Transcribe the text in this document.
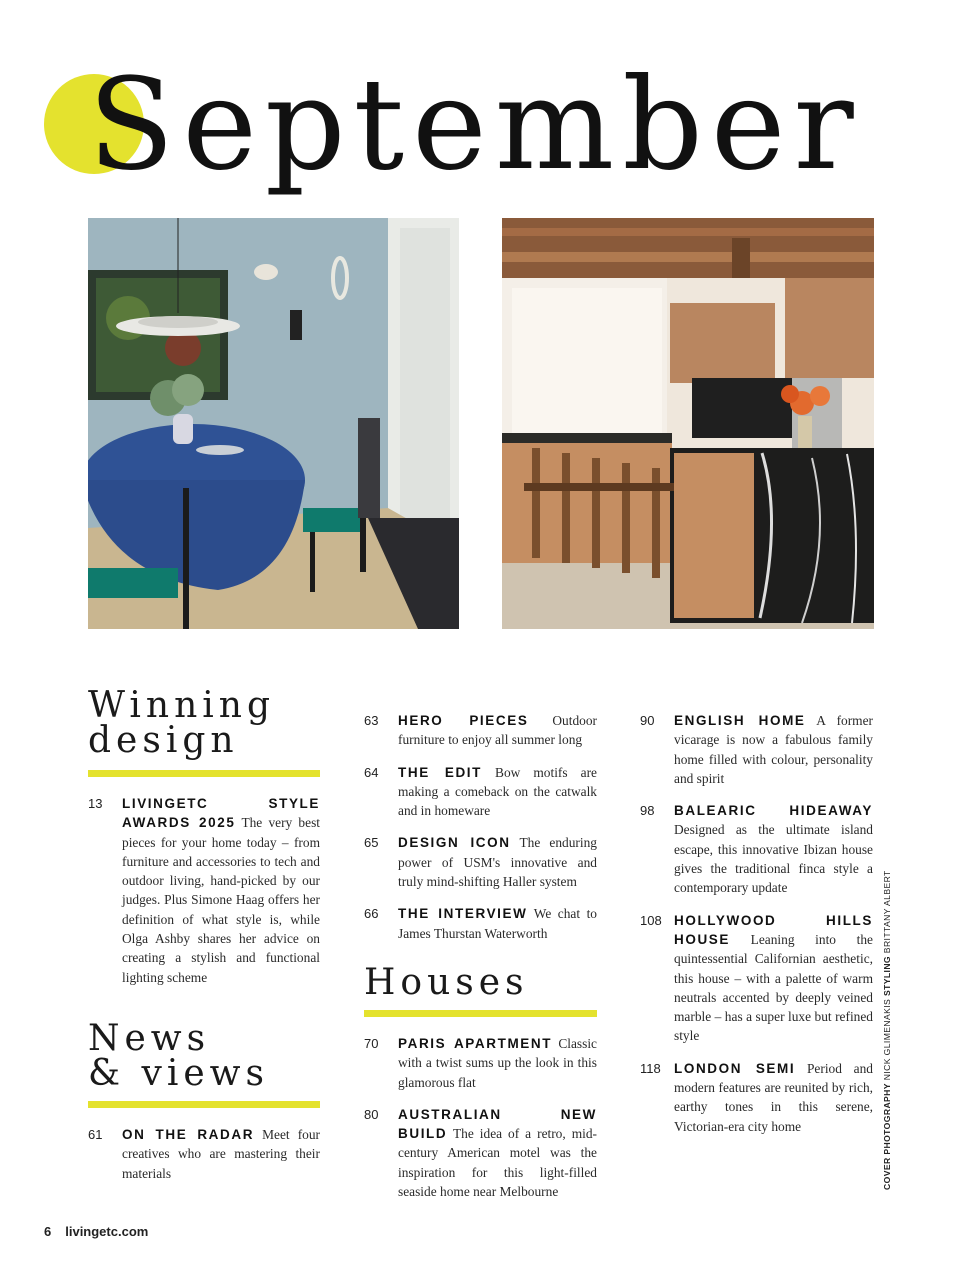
September
Winning
design
13 LIVINGETC STYLE AWARDS 2025 The very best pieces for your home today – from furniture and accessories to tech and outdoor living, hand-picked by our judges. Plus Simone Haag offers her definition of what style is, while Olga Ashby shares her advice on creating a stylish and functional lighting scheme
News
& views
61 ON THE RADAR Meet four creatives who are mastering their materials
63 HERO PIECES Outdoor furniture to enjoy all summer long
64 THE EDIT Bow motifs are making a comeback on the catwalk and in homeware
65 DESIGN ICON The enduring power of USM's innovative and truly mind-shifting Haller system
66 THE INTERVIEW We chat to James Thurstan Waterworth
Houses
70 PARIS APARTMENT Classic with a twist sums up the look in this glamorous flat
80 AUSTRALIAN NEW BUILD The idea of a retro, mid-century American motel was the inspiration for this light-filled seaside home near Melbourne
90 ENGLISH HOME A former vicarage is now a fabulous family home filled with colour, personality and spirit
98 BALEARIC HIDEAWAY Designed as the ultimate island escape, this innovative Ibizan house gives the traditional finca style a contemporary update
108 HOLLYWOOD HILLS HOUSE Leaning into the quintessential Californian aesthetic, this house – with a palette of warm neutrals accented by deeply veined marble – has a super luxe but refined style
118 LONDON SEMI Period and modern features are reunited by rich, earthy tones in this serene, Victorian-era city home	COVER PHOTOGRAPHY NICK GLIMENAKIS STYLING BRITTANY ALBERT
6 livingetc.com
